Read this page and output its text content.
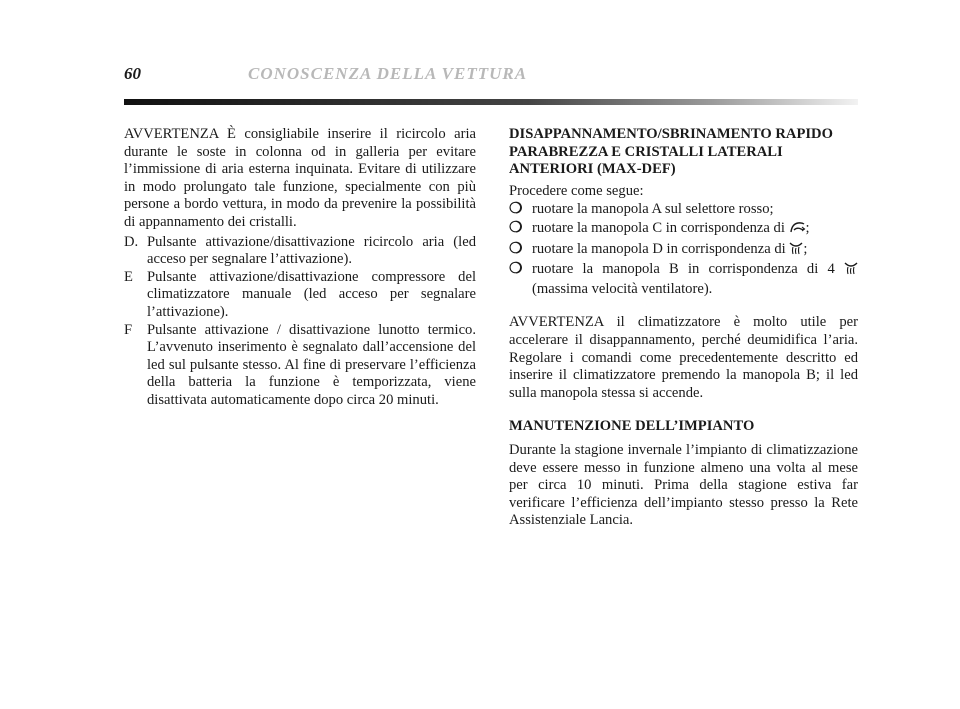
60	CONOSCENZA DELLA VETTURA

AVVERTENZA È consigliabile inserire il ricircolo aria durante le soste in colonna od in galleria per evitare l’immissione di aria esterna inquinata. Evitare di utilizzare in modo prolungato tale funzione, specialmente con più persone a bordo vettura, in modo da prevenire la possibilità di appannamento dei cristalli.

D. Pulsante attivazione/disattivazione ricircolo aria (led acceso per segnalare l’attivazione).

E Pulsante attivazione/disattivazione compressore del climatizzatore manuale (led acceso per segnalare l’attivazione).

F Pulsante attivazione / disattivazione lunotto termico. L’avvenuto inserimento è segnalato dall’accensione del led sul pulsante stesso. Al fine di preservare l’efficienza della batteria la funzione è temporizzata, viene disattivata automaticamente dopo circa 20 minuti.

DISAPPANNAMENTO/SBRINAMENTO RAPIDO PARABREZZA E CRISTALLI LATERALI ANTERIORI (MAX-DEF)

Procedere come segue:

❍ ruotare la manopola A sul selettore rosso;

❍ ruotare la manopola C in corrispondenza di ;

❍ ruotare la manopola D in corrispondenza di ;

❍ ruotare la manopola B in corrispondenza di 4  (massima velocità ventilatore).

AVVERTENZA il climatizzatore è molto utile per accelerare il disappannamento, perché deumidifica l’aria. Regolare i comandi come precedentemente descritto ed inserire il climatizzatore premendo la manopola B; il led sulla manopola stessa si accende.

MANUTENZIONE DELL’IMPIANTO

Durante la stagione invernale l’impianto di climatizzazione deve essere messo in funzione almeno una volta al mese per circa 10 minuti. Prima della stagione estiva far verificare l’efficienza dell’impianto stesso presso la Rete Assistenziale Lancia.
